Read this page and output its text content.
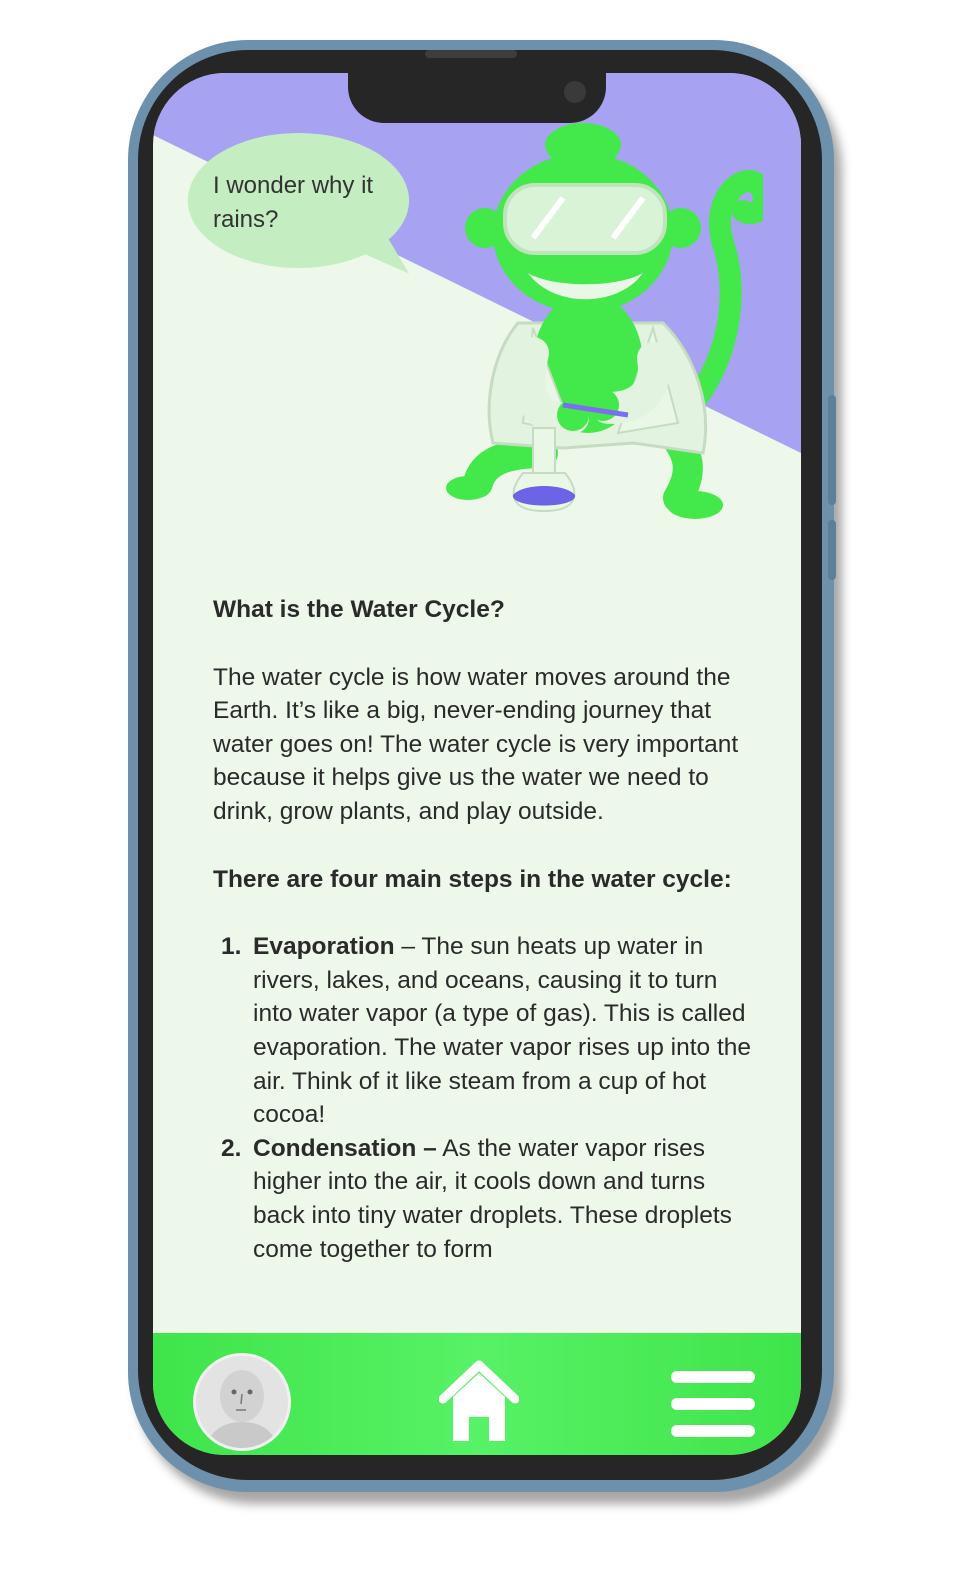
I wonder why it rains?

What is the Water Cycle?

The water cycle is how water moves around the Earth. It’s like a big, never-ending journey that water goes on! The water cycle is very important because it helps give us the water we need to drink, grow plants, and play outside.

There are four main steps in the water cycle:

1. Evaporation – The sun heats up water in rivers, lakes, and oceans, causing it to turn into water vapor (a type of gas). This is called evaporation. The water vapor rises up into the air. Think of it like steam from a cup of hot cocoa!
2. Condensation – As the water vapor rises higher into the air, it cools down and turns back into tiny water droplets. These droplets come together to form
